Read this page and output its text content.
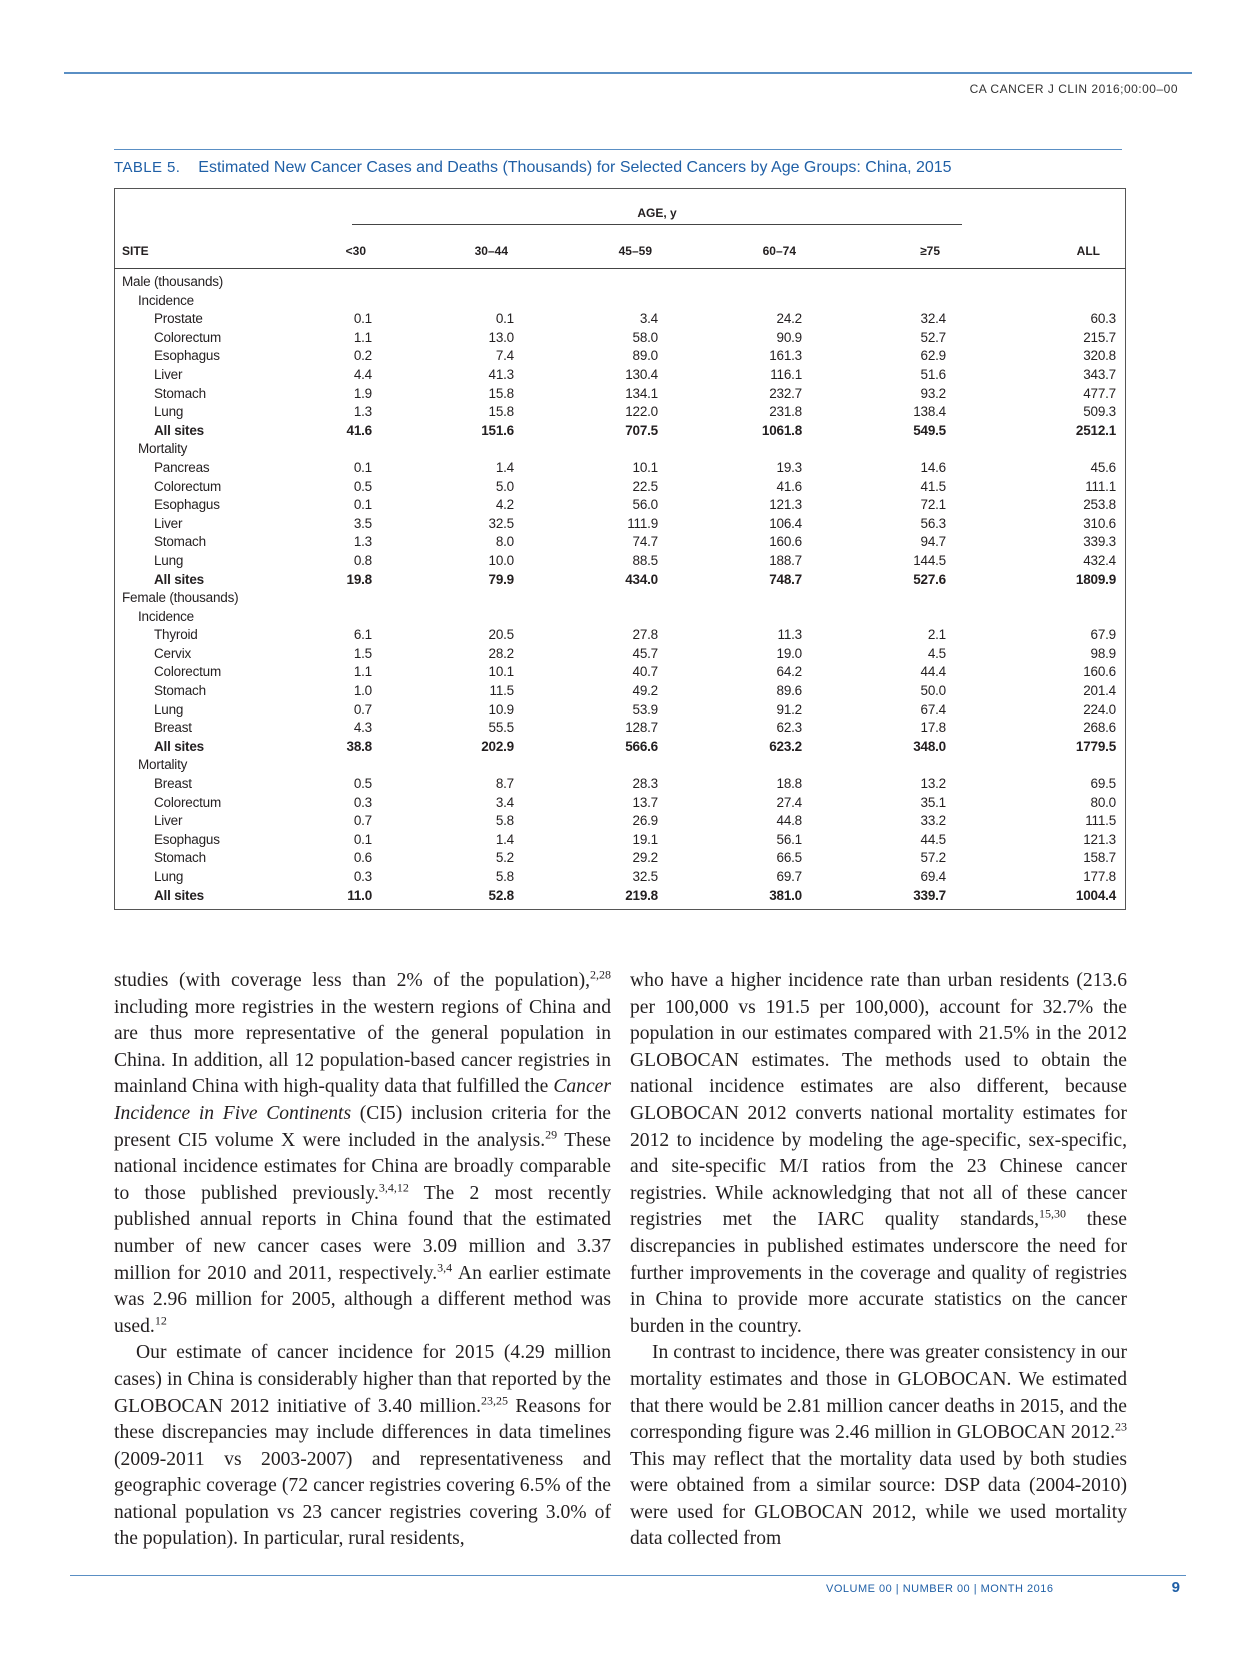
CA CANCER J CLIN 2016;00:00–00
TABLE 5. Estimated New Cancer Cases and Deaths (Thousands) for Selected Cancers by Age Groups: China, 2015
AGE, y
SITE	<30	30–44	45–59	60–74	≥75	ALL
Male (thousands)
Incidence
Prostate	0.1	0.1	3.4	24.2	32.4	60.3
Colorectum	1.1	13.0	58.0	90.9	52.7	215.7
Esophagus	0.2	7.4	89.0	161.3	62.9	320.8
Liver	4.4	41.3	130.4	116.1	51.6	343.7
Stomach	1.9	15.8	134.1	232.7	93.2	477.7
Lung	1.3	15.8	122.0	231.8	138.4	509.3
All sites	41.6	151.6	707.5	1061.8	549.5	2512.1
Mortality
Pancreas	0.1	1.4	10.1	19.3	14.6	45.6
Colorectum	0.5	5.0	22.5	41.6	41.5	111.1
Esophagus	0.1	4.2	56.0	121.3	72.1	253.8
Liver	3.5	32.5	111.9	106.4	56.3	310.6
Stomach	1.3	8.0	74.7	160.6	94.7	339.3
Lung	0.8	10.0	88.5	188.7	144.5	432.4
All sites	19.8	79.9	434.0	748.7	527.6	1809.9
Female (thousands)
Incidence
Thyroid	6.1	20.5	27.8	11.3	2.1	67.9
Cervix	1.5	28.2	45.7	19.0	4.5	98.9
Colorectum	1.1	10.1	40.7	64.2	44.4	160.6
Stomach	1.0	11.5	49.2	89.6	50.0	201.4
Lung	0.7	10.9	53.9	91.2	67.4	224.0
Breast	4.3	55.5	128.7	62.3	17.8	268.6
All sites	38.8	202.9	566.6	623.2	348.0	1779.5
Mortality
Breast	0.5	8.7	28.3	18.8	13.2	69.5
Colorectum	0.3	3.4	13.7	27.4	35.1	80.0
Liver	0.7	5.8	26.9	44.8	33.2	111.5
Esophagus	0.1	1.4	19.1	56.1	44.5	121.3
Stomach	0.6	5.2	29.2	66.5	57.2	158.7
Lung	0.3	5.8	32.5	69.7	69.4	177.8
All sites	11.0	52.8	219.8	381.0	339.7	1004.4

studies (with coverage less than 2% of the population),$^{2,28}$ including more registries in the western regions of China and are thus more representative of the general population in China. In addition, all 12 population-based cancer registries in mainland China with high-quality data that fulfilled the Cancer Incidence in Five Continents (CI5) inclusion criteria for the present CI5 volume X were included in the analysis.$^{29}$ These national incidence estimates for China are broadly comparable to those published previously.$^{3,4,12}$ The 2 most recently published annual reports in China found that the estimated number of new cancer cases were 3.09 million and 3.37 million for 2010 and 2011, respectively.$^{3,4}$ An earlier estimate was 2.96 million for 2005, although a different method was used.$^{12}$

Our estimate of cancer incidence for 2015 (4.29 million cases) in China is considerably higher than that reported by the GLOBOCAN 2012 initiative of 3.40 million.$^{23,25}$ Reasons for these discrepancies may include differences in data timelines (2009-2011 vs 2003-2007) and representativeness and geographic coverage (72 cancer registries covering 6.5% of the national population vs 23 cancer registries covering 3.0% of the population). In particular, rural residents,

who have a higher incidence rate than urban residents (213.6 per 100,000 vs 191.5 per 100,000), account for 32.7% the population in our estimates compared with 21.5% in the 2012 GLOBOCAN estimates. The methods used to obtain the national incidence estimates are also different, because GLOBOCAN 2012 converts national mortality estimates for 2012 to incidence by modeling the age-specific, sex-specific, and site-specific M/I ratios from the 23 Chinese cancer registries. While acknowledging that not all of these cancer registries met the IARC quality standards,$^{15,30}$ these discrepancies in published estimates underscore the need for further improvements in the coverage and quality of registries in China to provide more accurate statistics on the cancer burden in the country.

In contrast to incidence, there was greater consistency in our mortality estimates and those in GLOBOCAN. We estimated that there would be 2.81 million cancer deaths in 2015, and the corresponding figure was 2.46 million in GLOBOCAN 2012.23 This may reflect that the mortality data used by both studies were obtained from a similar source: DSP data (2004-2010) were used for GLOBOCAN 2012, while we used mortality data collected from

VOLUME 00 | NUMBER 00 | MONTH 2016	9
